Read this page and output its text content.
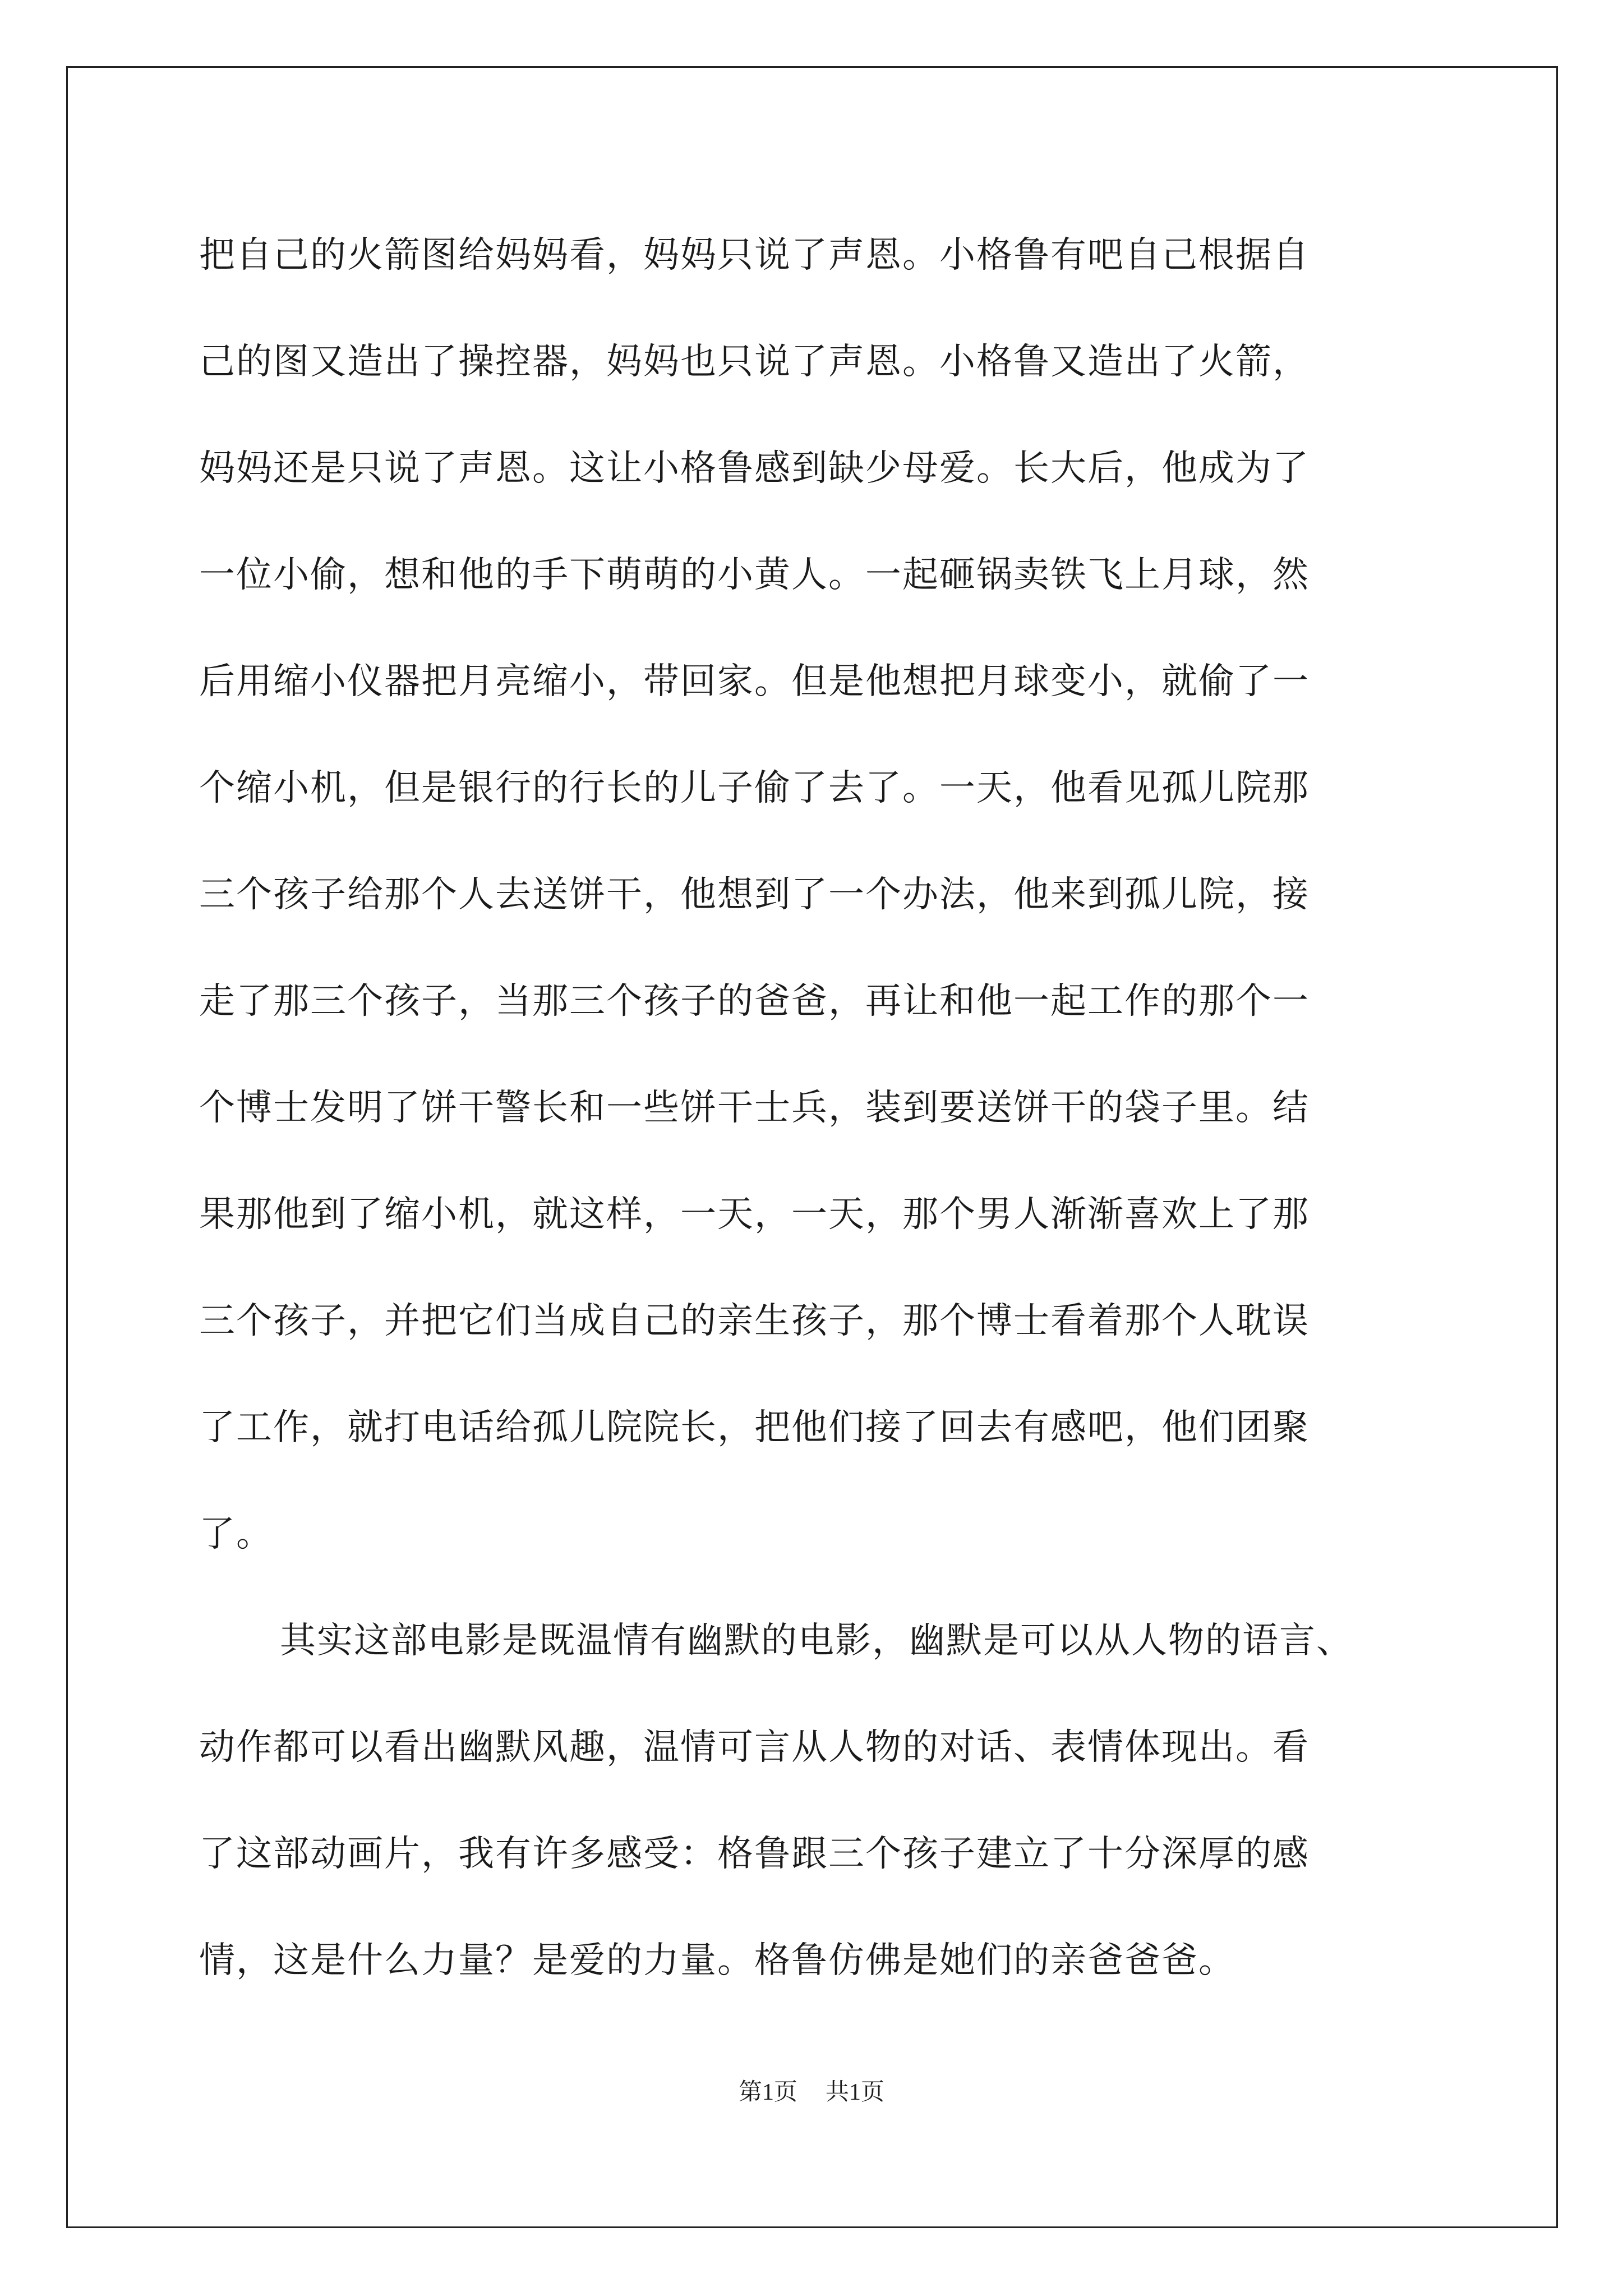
把自己的火箭图给妈妈看，妈妈只说了声恩。小格鲁有吧自己根据自
己的图又造出了操控器，妈妈也只说了声恩。小格鲁又造出了火箭，
妈妈还是只说了声恩。这让小格鲁感到缺少母爱。长大后，他成为了
一位小偷，想和他的手下萌萌的小黄人。一起砸锅卖铁飞上月球，然
后用缩小仪器把月亮缩小，带回家。但是他想把月球变小，就偷了一
个缩小机，但是银行的行长的儿子偷了去了。一天，他看见孤儿院那
三个孩子给那个人去送饼干，他想到了一个办法，他来到孤儿院，接
走了那三个孩子，当那三个孩子的爸爸，再让和他一起工作的那个一
个博士发明了饼干警长和一些饼干士兵，装到要送饼干的袋子里。结
果那他到了缩小机，就这样，一天，一天，那个男人渐渐喜欢上了那
三个孩子，并把它们当成自己的亲生孩子，那个博士看着那个人耽误
了工作，就打电话给孤儿院院长，把他们接了回去有感吧，他们团聚
了。
其实这部电影是既温情有幽默的电影，幽默是可以从人物的语言、
动作都可以看出幽默风趣，温情可言从人物的对话、表情体现出。看
了这部动画片，我有许多感受：格鲁跟三个孩子建立了十分深厚的感
情，这是什么力量？是爱的力量。格鲁仿佛是她们的亲爸爸爸。
第1页 共1页
